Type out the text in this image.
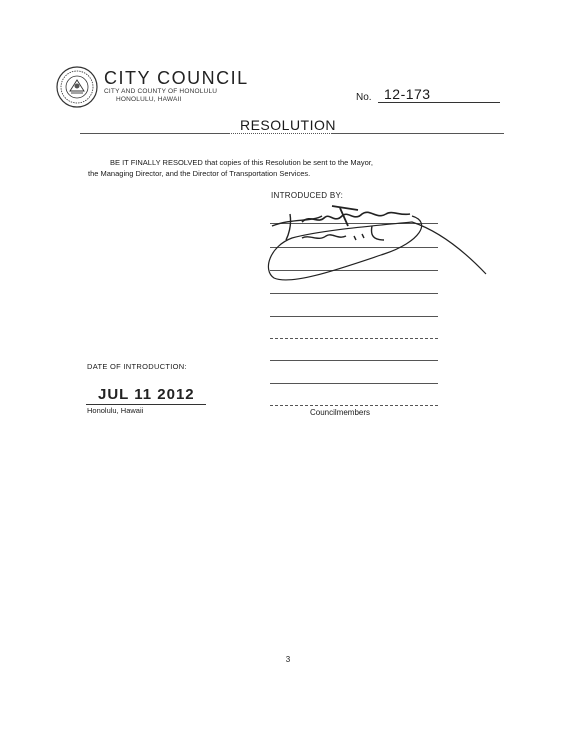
CITY COUNCIL
CITY AND COUNTY OF HONOLULU
HONOLULU, HAWAII	No. 12-173
RESOLUTION
BE IT FINALLY RESOLVED that copies of this Resolution be sent to the Mayor,
the Managing Director, and the Director of Transportation Services.
INTRODUCED BY:
DATE OF INTRODUCTION:
JUL 11 2012
Honolulu, Hawaii	Councilmembers
3
